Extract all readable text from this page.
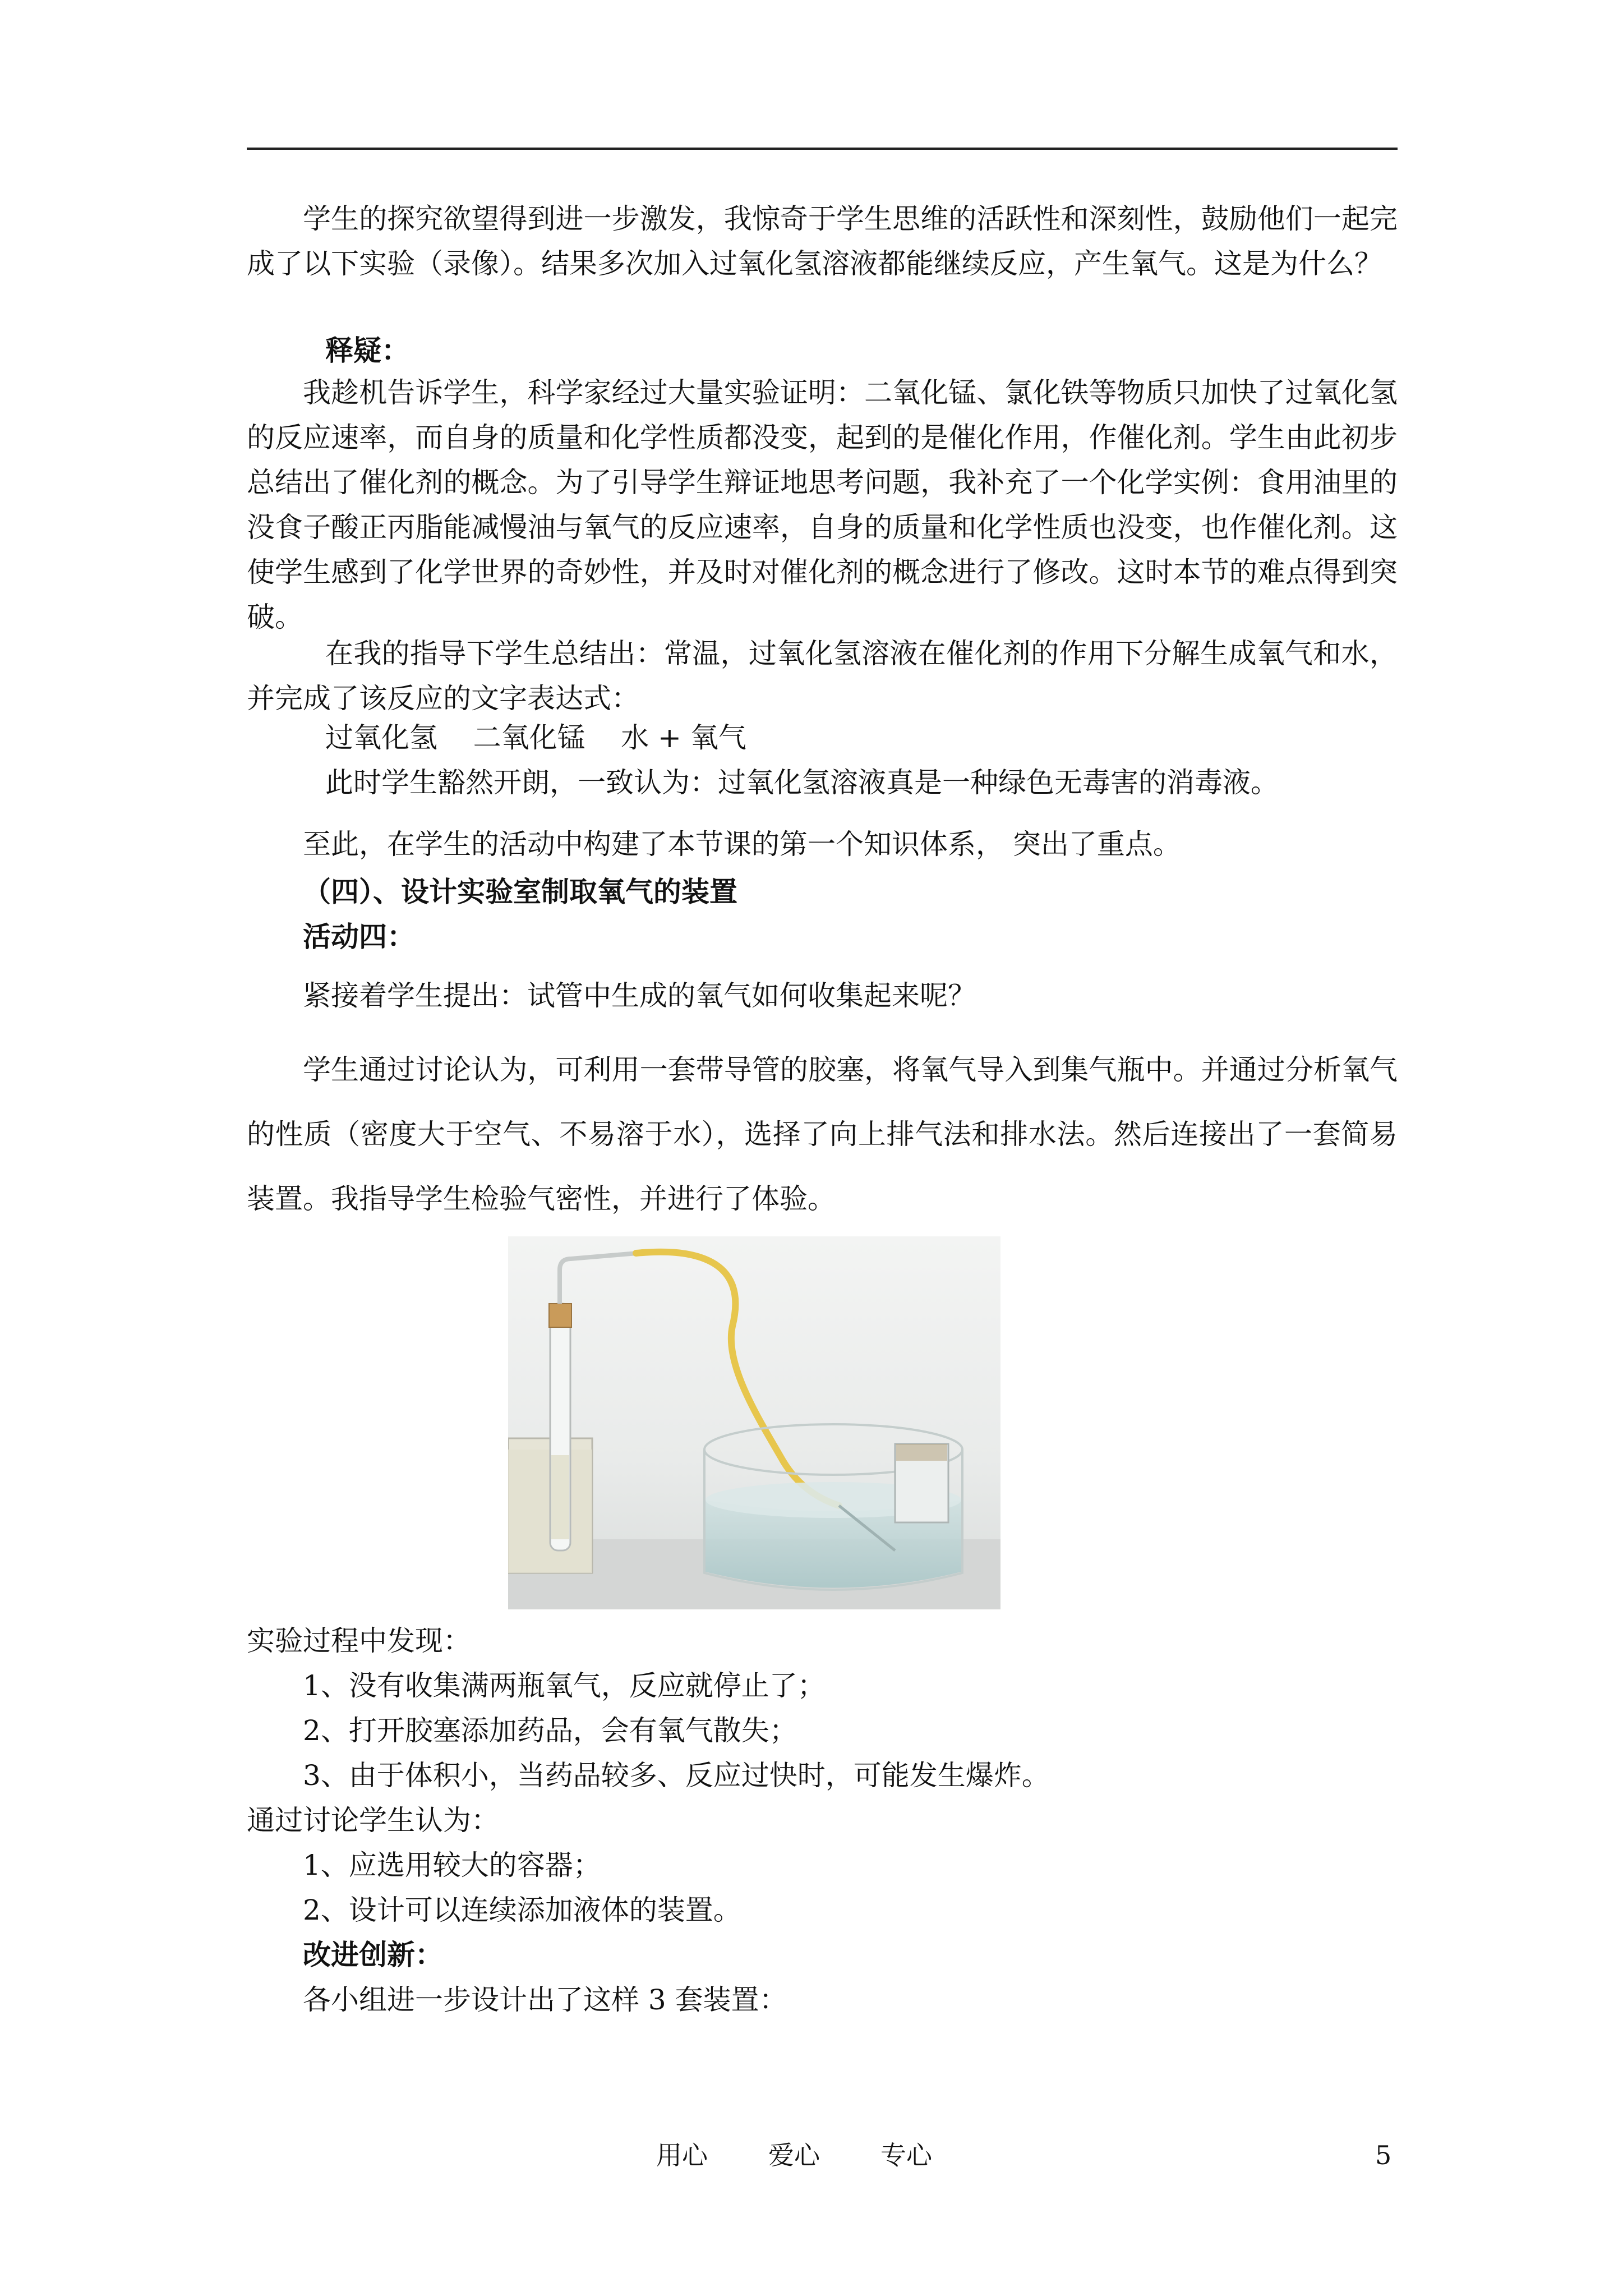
学生的探究欲望得到进一步激发，我惊奇于学生思维的活跃性和深刻性，鼓励他们一起完成了以下实验（录像）。结果多次加入过氧化氢溶液都能继续反应，产生氧气。这是为什么？

释疑：

我趁机告诉学生，科学家经过大量实验证明：二氧化锰、氯化铁等物质只加快了过氧化氢的反应速率，而自身的质量和化学性质都没变，起到的是催化作用，作催化剂。学生由此初步总结出了催化剂的概念。为了引导学生辩证地思考问题，我补充了一个化学实例：食用油里的没食子酸正丙脂能减慢油与氧气的反应速率，自身的质量和化学性质也没变，也作催化剂。这使学生感到了化学世界的奇妙性，并及时对催化剂的概念进行了修改。这时本节的难点得到突破。

在我的指导下学生总结出：常温，过氧化氢溶液在催化剂的作用下分解生成氧气和水，并完成了该反应的文字表达式：

过氧化氢    二氧化锰    水 + 氧气

此时学生豁然开朗，一致认为：过氧化氢溶液真是一种绿色无毒害的消毒液。

至此，在学生的活动中构建了本节课的第一个知识体系， 突出了重点。

（四）、设计实验室制取氧气的装置

活动四：

紧接着学生提出：试管中生成的氧气如何收集起来呢？

学生通过讨论认为，可利用一套带导管的胶塞，将氧气导入到集气瓶中。并通过分析氧气的性质（密度大于空气、不易溶于水），选择了向上排气法和排水法。然后连接出了一套简易装置。我指导学生检验气密性，并进行了体验。

实验过程中发现：

1、没有收集满两瓶氧气，反应就停止了；

2、打开胶塞添加药品，会有氧气散失；

3、由于体积小，当药品较多、反应过快时，可能发生爆炸。

通过讨论学生认为：

1、应选用较大的容器；

2、设计可以连续添加液体的装置。

改进创新：

各小组进一步设计出了这样 3 套装置：

用心 爱心 专心	5
